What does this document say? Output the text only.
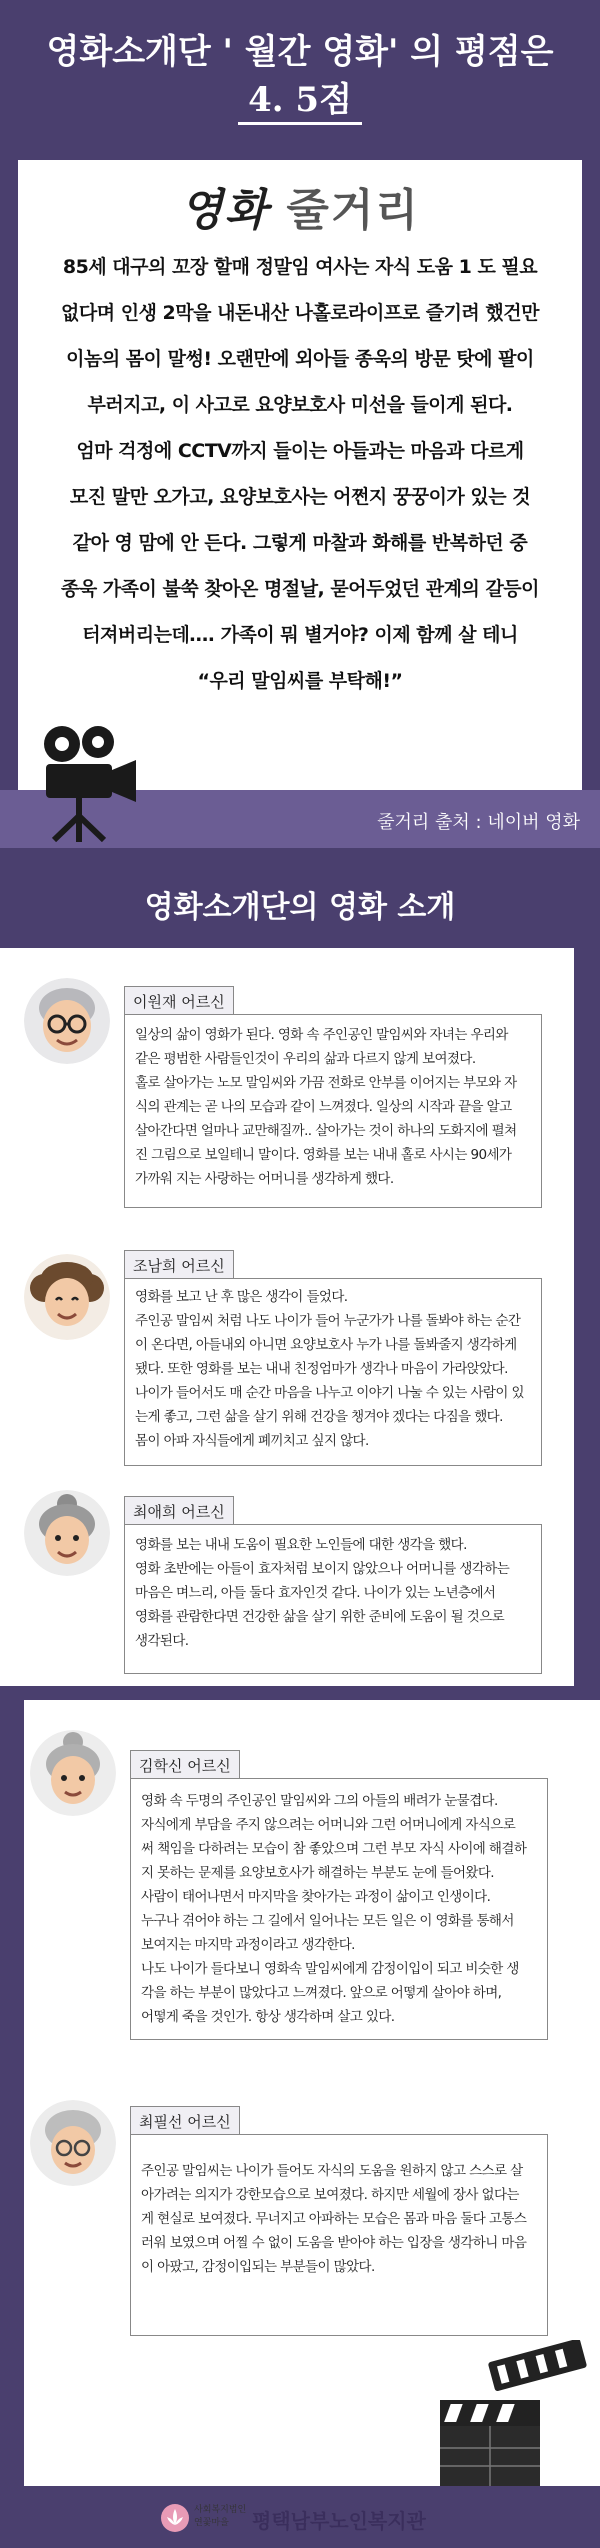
영화소개단 ' 월간 영화' 의 평점은
4. 5점
영화 줄거리
85세 대구의 꼬장 할매 정말임 여사는 자식 도움 1 도 필요
없다며 인생 2막을 내돈내산 나홀로라이프로 즐기려 했건만
이놈의 몸이 말썽! 오랜만에 외아들 종욱의 방문 탓에 팔이
부러지고, 이 사고로 요양보호사 미선을 들이게 된다.
엄마 걱정에 CCTV까지 들이는 아들과는 마음과 다르게
모진 말만 오가고, 요양보호사는 어쩐지 꿍꿍이가 있는 것
같아 영 맘에 안 든다. 그렇게 마찰과 화해를 반복하던 중
종욱 가족이 불쑥 찾아온 명절날, 묻어두었던 관계의 갈등이
터져버리는데…. 가족이 뭐 별거야? 이제 함께 살 테니
“우리 말임씨를 부탁해!”
줄거리 출처 : 네이버 영화
영화소개단의 영화 소개
이원재 어르신
일상의 삶이 영화가 된다. 영화 속 주인공인 말임씨와 자녀는 우리와
같은 평범한 사람들인것이 우리의 삶과 다르지 않게 보여졌다.
홀로 살아가는 노모 말임씨와 가끔 전화로 안부를 이어지는 부모와 자
식의 관계는 곧 나의 모습과 같이 느껴졌다. 일상의 시작과 끝을 알고
살아간다면 얼마나 교만해질까.. 살아가는 것이 하나의 도화지에 펼쳐
진 그림으로 보일테니 말이다. 영화를 보는 내내 홀로 사시는 90세가
가까워 지는 사랑하는 어머니를 생각하게 했다.
조남희 어르신
영화를 보고 난 후 많은 생각이 들었다.
주인공 말임씨 처럼 나도 나이가 들어 누군가가 나를 돌봐야 하는 순간
이 온다면, 아들내외 아니면 요양보호사 누가 나를 돌봐줄지 생각하게
됐다. 또한 영화를 보는 내내 친정엄마가 생각나 마음이 가라앉았다.
나이가 들어서도 매 순간 마음을 나누고 이야기 나눌 수 있는 사람이 있
는게 좋고, 그런 삶을 살기 위해 건강을 챙겨야 겠다는 다짐을 했다.
몸이 아파 자식들에게 폐끼치고 싶지 않다.
최애희 어르신
영화를 보는 내내 도움이 필요한 노인들에 대한 생각을 했다.
영화 초반에는 아들이 효자처럼 보이지 않았으나 어머니를 생각하는
마음은 며느리, 아들 둘다 효자인것 같다. 나이가 있는 노년층에서
영화를 관람한다면 건강한 삶을 살기 위한 준비에 도움이 될 것으로
생각된다.
김학신 어르신
영화 속 두명의 주인공인 말임씨와 그의 아들의 배려가 눈물겹다.
자식에게 부담을 주지 않으려는 어머니와 그런 어머니에게 자식으로
써 책임을 다하려는 모습이 참 좋았으며 그런 부모 자식 사이에 해결하
지 못하는 문제를 요양보호사가 해결하는 부분도 눈에 들어왔다.
사람이 태어나면서 마지막을 찾아가는 과정이 삶이고 인생이다.
누구나 겪어야 하는 그 길에서 일어나는 모든 일은 이 영화를 통해서
보여지는 마지막 과정이라고 생각한다.
나도 나이가 들다보니 영화속 말임씨에게 감정이입이 되고 비슷한 생
각을 하는 부분이 많았다고 느껴졌다. 앞으로 어떻게 살아야 하며,
어떻게 죽을 것인가. 항상 생각하며 살고 있다.
최필선 어르신
주인공 말임씨는 나이가 들어도 자식의 도움을 원하지 않고 스스로 살
아가려는 의지가 강한모습으로 보여졌다. 하지만 세월에 장사 없다는
게 현실로 보여졌다. 무너지고 아파하는 모습은 몸과 마음 둘다 고통스
러워 보였으며 어찔 수 없이 도움을 받아야 하는 입장을 생각하니 마음
이 아팠고, 감정이입되는 부분들이 많았다.
사회복지법인
연꽃마을	평택남부노인복지관
